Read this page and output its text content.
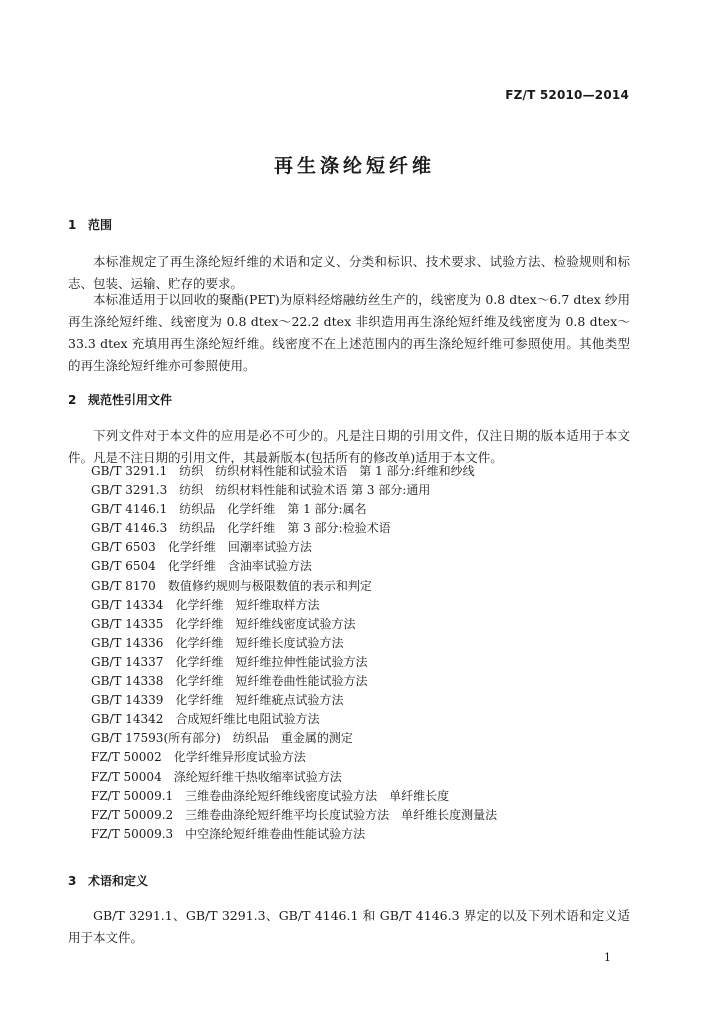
FZ/T 52010—2014
再生涤纶短纤维
1 范围

本标准规定了再生涤纶短纤维的术语和定义、分类和标识、技术要求、试验方法、检验规则和标志、包装、运输、贮存的要求。

本标准适用于以回收的聚酯(PET)为原料经熔融纺丝生产的，线密度为 0.8 dtex～6.7 dtex 纱用再生涤纶短纤维、线密度为 0.8 dtex～22.2 dtex 非织造用再生涤纶短纤维及线密度为 0.8 dtex～33.3 dtex 充填用再生涤纶短纤维。线密度不在上述范围内的再生涤纶短纤维可参照使用。其他类型的再生涤纶短纤维亦可参照使用。

2 规范性引用文件

下列文件对于本文件的应用是必不可少的。凡是注日期的引用文件，仅注日期的版本适用于本文件。凡是不注日期的引用文件，其最新版本(包括所有的修改单)适用于本文件。

GB/T 3291.1　 纺织　纺织材料性能和试验术语　第 1 部分:纤维和纱线
GB/T 3291.3　 纺织　纺织材料性能和试验术语 第 3 部分:通用
GB/T 4146.1　 纺织品　化学纤维　第 1 部分:属名
GB/T 4146.3　 纺织品　化学纤维　第 3 部分:检验术语
GB/T 6503　 化学纤维　回潮率试验方法
GB/T 6504　 化学纤维　含油率试验方法
GB/T 8170　 数值修约规则与极限数值的表示和判定
GB/T 14334　 化学纤维　短纤维取样方法
GB/T 14335　 化学纤维　短纤维线密度试验方法
GB/T 14336　 化学纤维　短纤维长度试验方法
GB/T 14337　 化学纤维　短纤维拉伸性能试验方法
GB/T 14338　 化学纤维　短纤维卷曲性能试验方法
GB/T 14339　 化学纤维　短纤维疵点试验方法
GB/T 14342　 合成短纤维比电阻试验方法
GB/T 17593(所有部分)　 纺织品　重金属的测定
FZ/T 50002　 化学纤维异形度试验方法
FZ/T 50004　 涤纶短纤维干热收缩率试验方法
FZ/T 50009.1　 三维卷曲涤纶短纤维线密度试验方法　单纤维长度
FZ/T 50009.2　 三维卷曲涤纶短纤维平均长度试验方法　单纤维长度测量法
FZ/T 50009.3　 中空涤纶短纤维卷曲性能试验方法
3 术语和定义

GB/T 3291.1、GB/T 3291.3、GB/T 4146.1 和 GB/T 4146.3 界定的以及下列术语和定义适用于本文件。

1
